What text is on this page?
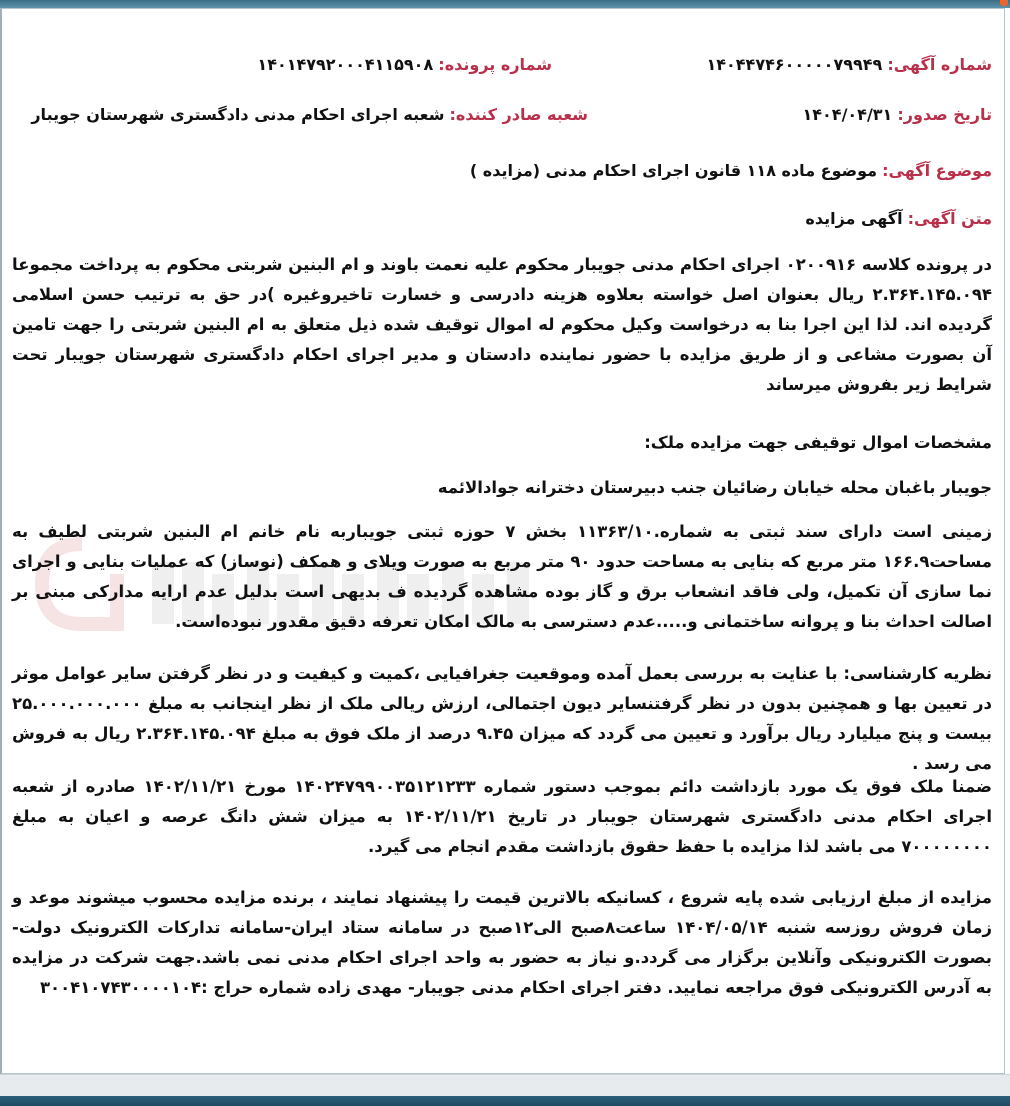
شماره آگهی: ۱۴۰۴۴۷۴۶۰۰۰۰۰۷۹۹۴۹
شماره پرونده: ۱۴۰۱۴۷۹۲۰۰۰۴۱۱۵۹۰۸
تاریخ صدور: ۱۴۰۴/۰۴/۳۱
شعبه صادر کننده: شعبه اجرای احکام مدنی دادگستری شهرستان جویبار
موضوع آگهی: موضوع ماده ۱۱۸ قانون اجرای احکام مدنی (مزایده )
متن آگهی: آگهی مزایده
در پرونده کلاسه ۰۲۰۰۹۱۶ اجرای احکام مدنی جویبار محکوم علیه نعمت باوند و ام البنین شربتی محکوم به پرداخت مجموعا ۲.۳۶۴.۱۴۵.۰۹۴ ریال بعنوان اصل خواسته بعلاوه هزینه دادرسی و خسارت تاخیروغیره )در حق به ترتیب حسن اسلامی گردیده اند. لذا این اجرا بنا به درخواست وکیل محکوم له اموال توقیف شده ذیل متعلق به ام البنین شربتی را جهت تامین آن بصورت مشاعی و از طریق مزایده با حضور نماینده دادستان و مدیر اجرای احکام دادگستری شهرستان جویبار تحت شرایط زیر بفروش میرساند
مشخصات اموال توقیفی جهت مزایده ملک:
جویبار باغبان محله خیابان رضائیان جنب دبیرستان دخترانه جوادالائمه
زمینی است دارای سند ثبتی به شماره.۱۱۳۶۳/۱۰ بخش ۷ حوزه ثبتی جویباربه نام خانم ام البنین شربتی لطیف به مساحت۱۶۶.۹ متر مربع که بنایی به مساحت حدود ۹۰ متر مربع به صورت ویلای و همکف (نوساز) که عملیات بنایی و اجرای نما سازی آن تکمیل، ولی فاقد انشعاب برق و گاز بوده مشاهده گردیده ف بدیهی است بدلیل عدم ارایه مدارکی مبنی بر اصالت احداث بنا و پروانه ساختمانی و.....عدم دسترسی به مالک امکان تعرفه دقیق مقدور نبوده‌است.
نظریه کارشناسی: با عنایت به بررسی بعمل آمده وموقعیت جغرافیایی ،کمیت و کیفیت و در نظر گرفتن سایر عوامل موثر در تعیین بها و همچنین بدون در نظر گرفتنسایر دیون اجتمالی، ارزش ریالی ملک از نظر اینجانب به مبلغ ۲۵.۰۰۰.۰۰۰.۰۰۰ بیست و پنج میلیارد ریال برآورد و تعیین می گردد که میزان ۹.۴۵ درصد از ملک فوق به مبلغ ۲.۳۶۴.۱۴۵.۰۹۴ ریال به فروش می رسد .
ضمنا ملک فوق یک مورد بازداشت دائم بموجب دستور شماره ۱۴۰۲۴۷۹۹۰۰۳۵۱۲۱۲۳۳ مورخ ۱۴۰۲/۱۱/۲۱ صادره از شعبه اجرای احکام مدنی دادگستری شهرستان جویبار در تاریخ ۱۴۰۲/۱۱/۲۱ به میزان شش دانگ عرصه و اعیان به مبلغ ۷۰۰۰۰۰۰۰۰ می باشد لذا مزایده با حفظ حقوق بازداشت مقدم انجام می گیرد.
مزایده از مبلغ ارزیابی شده پایه شروع ، کسانیکه بالاترین قیمت را پیشنهاد نمایند ، برنده مزایده محسوب میشوند موعد و زمان فروش روزسه شنبه ۱۴۰۴/۰۵/۱۴ ساعت۸صبح الی۱۲صبح در سامانه ستاد ایران-سامانه تدارکات الکترونیک دولت-بصورت الکترونیکی وآنلاین برگزار می گردد.و نیاز به حضور به واحد اجرای احکام مدنی نمی باشد.جهت شرکت در مزایده به آدرس الکترونیکی فوق مراجعه نمایید. دفتر اجرای احکام مدنی جویبار- مهدی زاده شماره حراج :۳۰۰۴۱۰۷۴۳۰۰۰۰۱۰۴
